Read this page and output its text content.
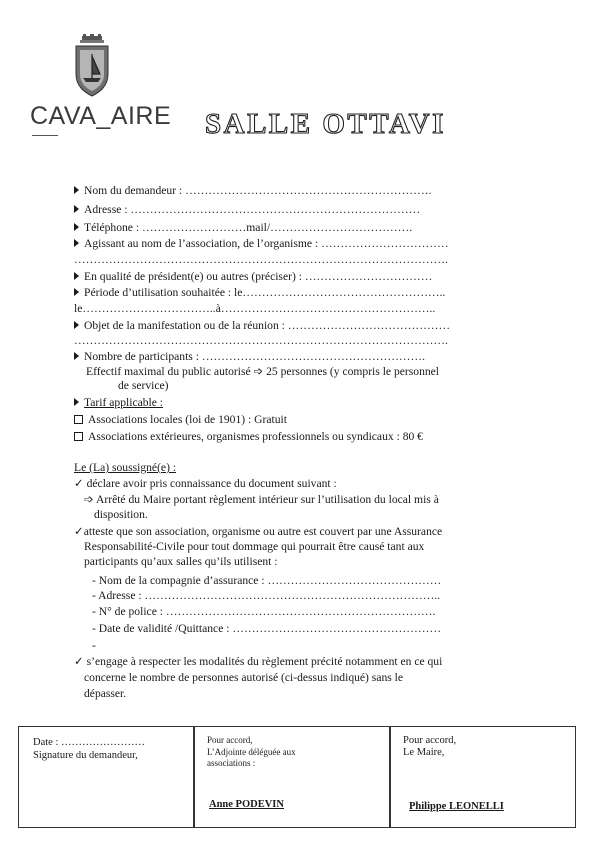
CAVA_AIRE SALLE OTTAVI
Nom du demandeur : ……………………………………………………….
Adresse : …………………………………………………………………
Téléphone : ………………………mail/……………………………….
Agissant au nom de l’association, de l’organisme : ……………………………
…………………………………………………………………………………….
En qualité de président(e) ou autres (préciser) : ……………………………
Période d’utilisation souhaitée : le……………………………………………..
le……………………………..à………………………………………………..
Objet de la manifestation ou de la réunion : ……………………………………
…………………………………………………………………………………….
Nombre de participants : ………………………………………………….
Effectif maximal du public autorisé ➩ 25 personnes (y compris le personnel
de service)
Tarif applicable :
Associations locales (loi de 1901) : Gratuit
Associations extérieures, organismes professionnels ou syndicaux : 80 €
Le (La) soussigné(e) :
✓ déclare avoir pris connaissance du document suivant :
➩ Arrêté du Maire portant règlement intérieur sur l’utilisation du local mis à
disposition.
✓atteste que son association, organisme ou autre est couvert par une Assurance
Responsabilité-Civile pour tout dommage qui pourrait être causé tant aux
participants qu’aux salles qu’ils utilisent :
- Nom de la compagnie d’assurance : ………………………………………
- Adresse : …………………………………………………………………..
- N° de police : …………………………………………………………….
- Date de validité /Quittance : ………………………………………………
-
✓ s’engage à respecter les modalités du règlement précité notamment en ce qui
concerne le nombre de personnes autorisé (ci-dessus indiqué) sans le
dépasser.
Date : ……………………
Signature du demandeur,
Pour accord,
L’Adjointe déléguée aux
associations :
Anne PODEVIN
Pour accord,
Le Maire,
Philippe LEONELLI
